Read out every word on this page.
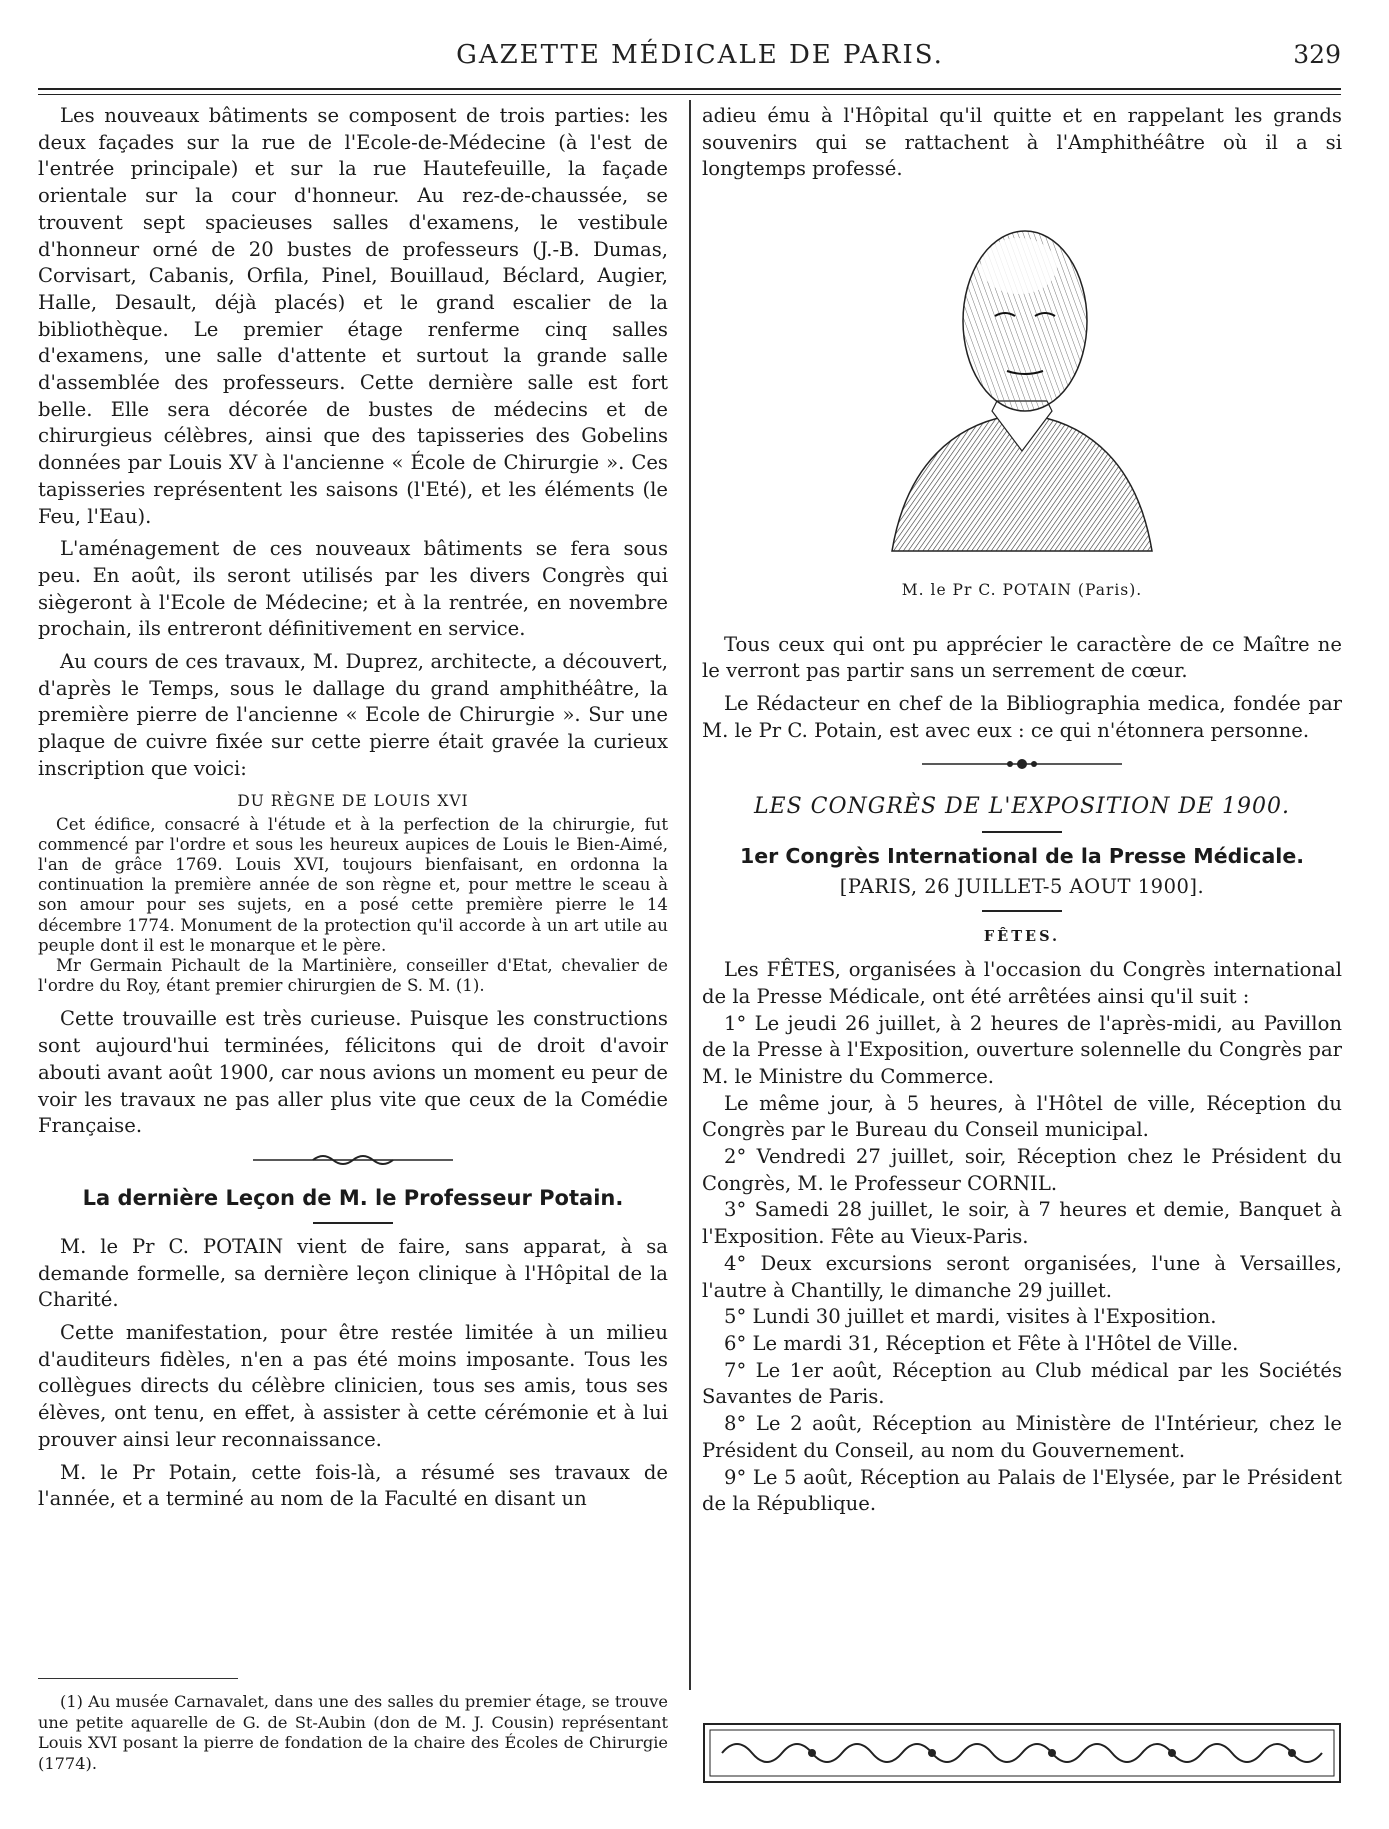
GAZETTE MÉDICALE DE PARIS.	329

Les nouveaux bâtiments se composent de trois parties: les deux façades sur la rue de l'Ecole-de-Médecine (à l'est de l'entrée principale) et sur la rue Hautefeuille, la façade orientale sur la cour d'honneur. Au rez-de-chaussée, se trouvent sept spacieuses salles d'examens, le vestibule d'honneur orné de 20 bustes de professeurs (J.-B. Dumas, Corvisart, Cabanis, Orfila, Pinel, Bouillaud, Béclard, Augier, Halle, Desault, déjà placés) et le grand escalier de la bibliothèque. Le premier étage renferme cinq salles d'examens, une salle d'attente et surtout la grande salle d'assemblée des professeurs. Cette dernière salle est fort belle. Elle sera décorée de bustes de médecins et de chirurgieus célèbres, ainsi que des tapisseries des Gobelins données par Louis XV à l'ancienne « École de Chirurgie ». Ces tapisseries représentent les saisons (l'Eté), et les éléments (le Feu, l'Eau).

L'aménagement de ces nouveaux bâtiments se fera sous peu. En août, ils seront utilisés par les divers Congrès qui siègeront à l'Ecole de Médecine; et à la rentrée, en novembre prochain, ils entreront définitivement en service.

Au cours de ces travaux, M. Duprez, architecte, a découvert, d'après le Temps, sous le dallage du grand amphithéâtre, la première pierre de l'ancienne « Ecole de Chirurgie ». Sur une plaque de cuivre fixée sur cette pierre était gravée la curieux inscription que voici:

DU RÈGNE DE LOUIS XVI

Cet édifice, consacré à l'étude et à la perfection de la chirurgie, fut commencé par l'ordre et sous les heureux aupices de Louis le Bien-Aimé, l'an de grâce 1769. Louis XVI, toujours bienfaisant, en ordonna la continuation la première année de son règne et, pour mettre le sceau à son amour pour ses sujets, en a posé cette première pierre le 14 décembre 1774. Monument de la protection qu'il accorde à un art utile au peuple dont il est le monarque et le père.

Mr Germain Pichault de la Martinière, conseiller d'Etat, chevalier de l'ordre du Roy, étant premier chirurgien de S. M. (1).

Cette trouvaille est très curieuse. Puisque les constructions sont aujourd'hui terminées, félicitons qui de droit d'avoir abouti avant août 1900, car nous avions un moment eu peur de voir les travaux ne pas aller plus vite que ceux de la Comédie Française.

La dernière Leçon de M. le Professeur Potain.

M. le Pr C. POTAIN vient de faire, sans apparat, à sa demande formelle, sa dernière leçon clinique à l'Hôpital de la Charité.

Cette manifestation, pour être restée limitée à un milieu d'auditeurs fidèles, n'en a pas été moins imposante. Tous les collègues directs du célèbre clinicien, tous ses amis, tous ses élèves, ont tenu, en effet, à assister à cette cérémonie et à lui prouver ainsi leur reconnaissance.

M. le Pr Potain, cette fois-là, a résumé ses travaux de l'année, et a terminé au nom de la Faculté en disant un

(1) Au musée Carnavalet, dans une des salles du premier étage, se trouve une petite aquarelle de G. de St-Aubin (don de M. J. Cousin) représentant Louis XVI posant la pierre de fondation de la chaire des Écoles de Chirurgie (1774).

adieu ému à l'Hôpital qu'il quitte et en rappelant les grands souvenirs qui se rattachent à l'Amphithéâtre où il a si longtemps professé.

M. le Pr C. POTAIN (Paris).

Tous ceux qui ont pu apprécier le caractère de ce Maître ne le verront pas partir sans un serrement de cœur.

Le Rédacteur en chef de la Bibliographia medica, fondée par M. le Pr C. Potain, est avec eux : ce qui n'étonnera personne.

LES CONGRÈS DE L'EXPOSITION DE 1900.
1er Congrès International de la Presse Médicale.
[PARIS, 26 JUILLET-5 AOUT 1900].
FÊTES.

Les FÊTES, organisées à l'occasion du Congrès international de la Presse Médicale, ont été arrêtées ainsi qu'il suit :

1° Le jeudi 26 juillet, à 2 heures de l'après-midi, au Pavillon de la Presse à l'Exposition, ouverture solennelle du Congrès par M. le Ministre du Commerce.

Le même jour, à 5 heures, à l'Hôtel de ville, Réception du Congrès par le Bureau du Conseil municipal.

2° Vendredi 27 juillet, soir, Réception chez le Président du Congrès, M. le Professeur CORNIL.

3° Samedi 28 juillet, le soir, à 7 heures et demie, Banquet à l'Exposition. Fête au Vieux-Paris.

4° Deux excursions seront organisées, l'une à Versailles, l'autre à Chantilly, le dimanche 29 juillet.

5° Lundi 30 juillet et mardi, visites à l'Exposition.

6° Le mardi 31, Réception et Fête à l'Hôtel de Ville.

7° Le 1er août, Réception au Club médical par les Sociétés Savantes de Paris.

8° Le 2 août, Réception au Ministère de l'Intérieur, chez le Président du Conseil, au nom du Gouvernement.

9° Le 5 août, Réception au Palais de l'Elysée, par le Président de la République.
